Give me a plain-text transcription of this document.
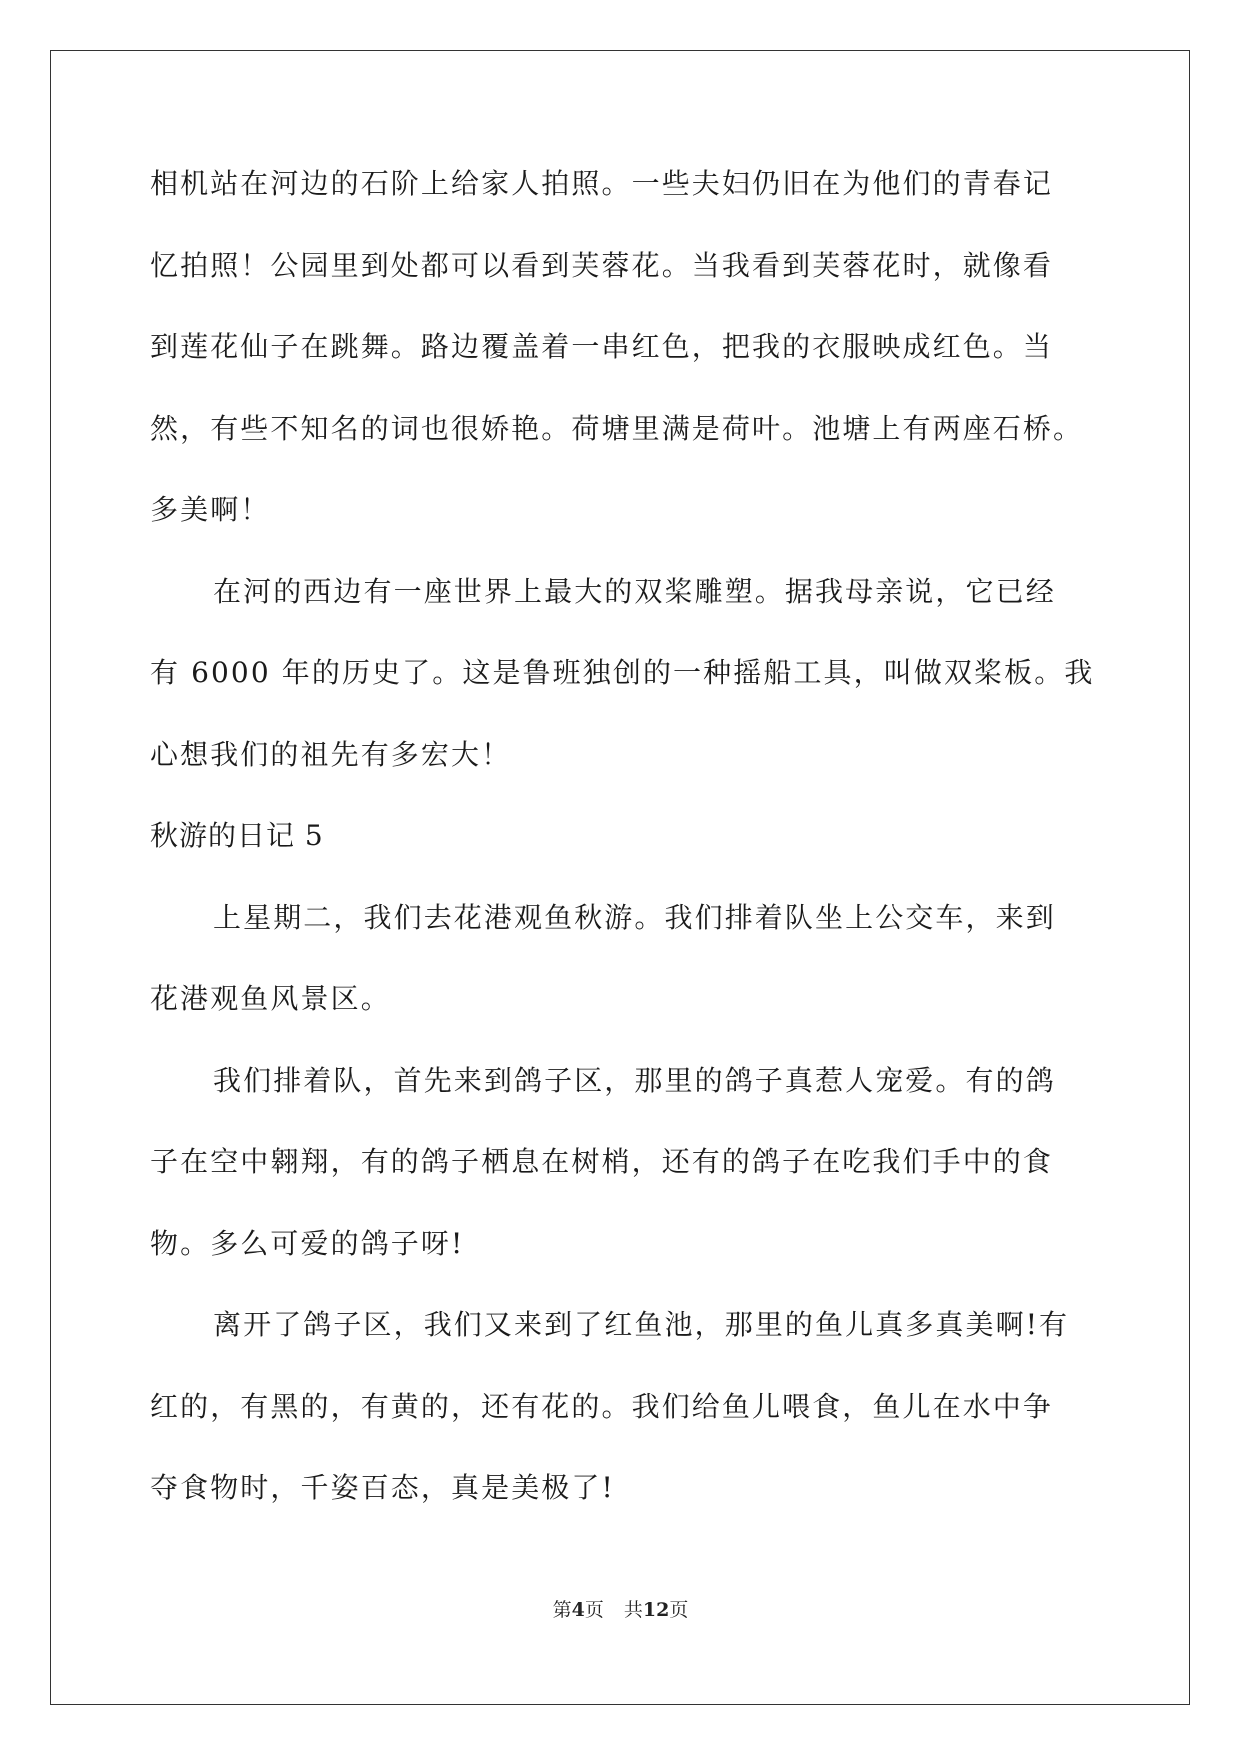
相机站在河边的石阶上给家人拍照。一些夫妇仍旧在为他们的青春记
忆拍照！公园里到处都可以看到芙蓉花。当我看到芙蓉花时，就像看
到莲花仙子在跳舞。路边覆盖着一串红色，把我的衣服映成红色。当
然，有些不知名的词也很娇艳。荷塘里满是荷叶。池塘上有两座石桥。
多美啊！
在河的西边有一座世界上最大的双桨雕塑。据我母亲说，它已经
有 6000 年的历史了。这是鲁班独创的一种摇船工具，叫做双桨板。我
心想我们的祖先有多宏大！
秋游的日记 5
上星期二，我们去花港观鱼秋游。我们排着队坐上公交车，来到
花港观鱼风景区。
我们排着队，首先来到鸽子区，那里的鸽子真惹人宠爱。有的鸽
子在空中翱翔，有的鸽子栖息在树梢，还有的鸽子在吃我们手中的食
物。多么可爱的鸽子呀!
离开了鸽子区，我们又来到了红鱼池，那里的鱼儿真多真美啊!有
红的，有黑的，有黄的，还有花的。我们给鱼儿喂食，鱼儿在水中争
夺食物时，千姿百态，真是美极了!
第4页 共12页
